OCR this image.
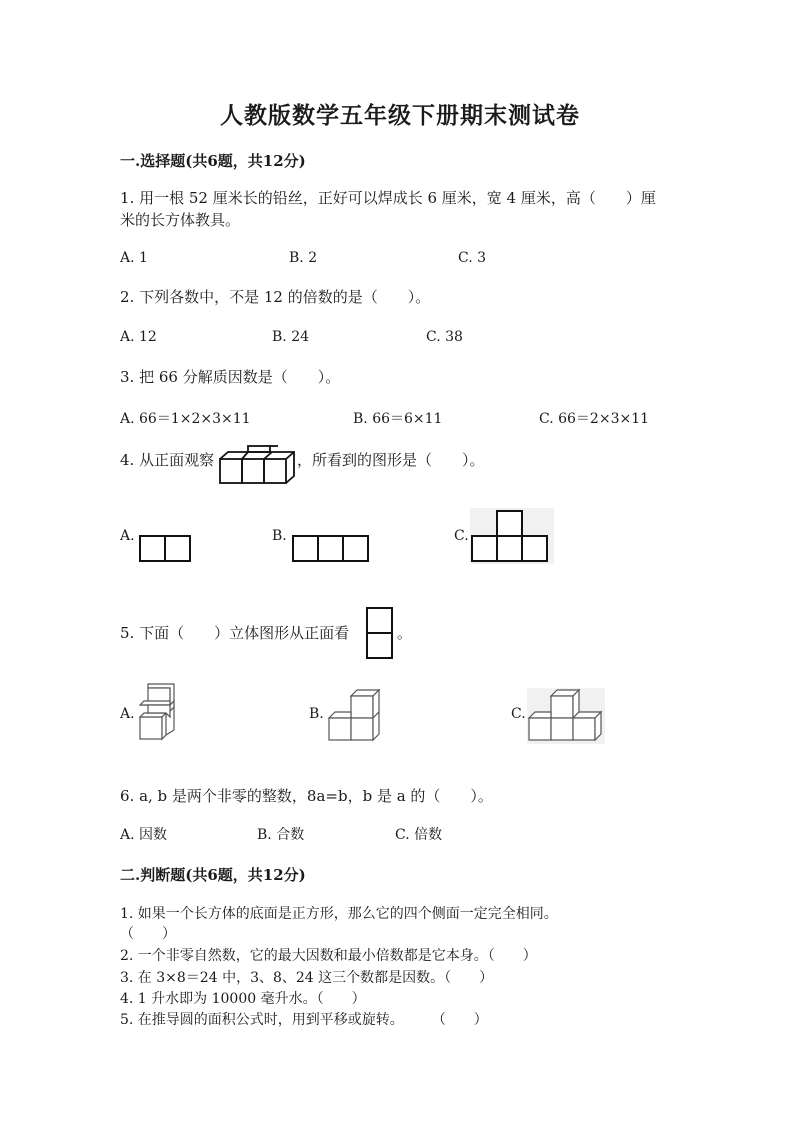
人教版数学五年级下册期末测试卷
一.选择题(共6题，共12分)
1. 用一根 52 厘米长的铅丝，正好可以焊成长 6 厘米，宽 4 厘米，高（　　）厘
米的长方体教具。
A. 1	B. 2	C. 3
2. 下列各数中，不是 12 的倍数的是（　　）。
A. 12	B. 24	C. 38
3. 把 66 分解质因数是（　　）。
A. 66＝1×2×3×11	B. 66＝6×11	C. 66＝2×3×11
4. 从正面观察	，所看到的图形是（　　）。
A.	B.	C.
5. 下面（　　）立体图形从正面看	。
A.	B.	C.
6. a, b 是两个非零的整数，8a=b，b 是 a 的（　　）。
A. 因数	B. 合数	C. 倍数
二.判断题(共6题，共12分)
1. 如果一个长方体的底面是正方形，那么它的四个侧面一定完全相同。
（　　）
2. 一个非零自然数，它的最大因数和最小倍数都是它本身。（　　）
3. 在 3×8＝24 中，3、8、24 这三个数都是因数。（　　）
4. 1 升水即为 10000 毫升水。（　　）
5. 在推导圆的面积公式时，用到平移或旋转。　　　（　　）
